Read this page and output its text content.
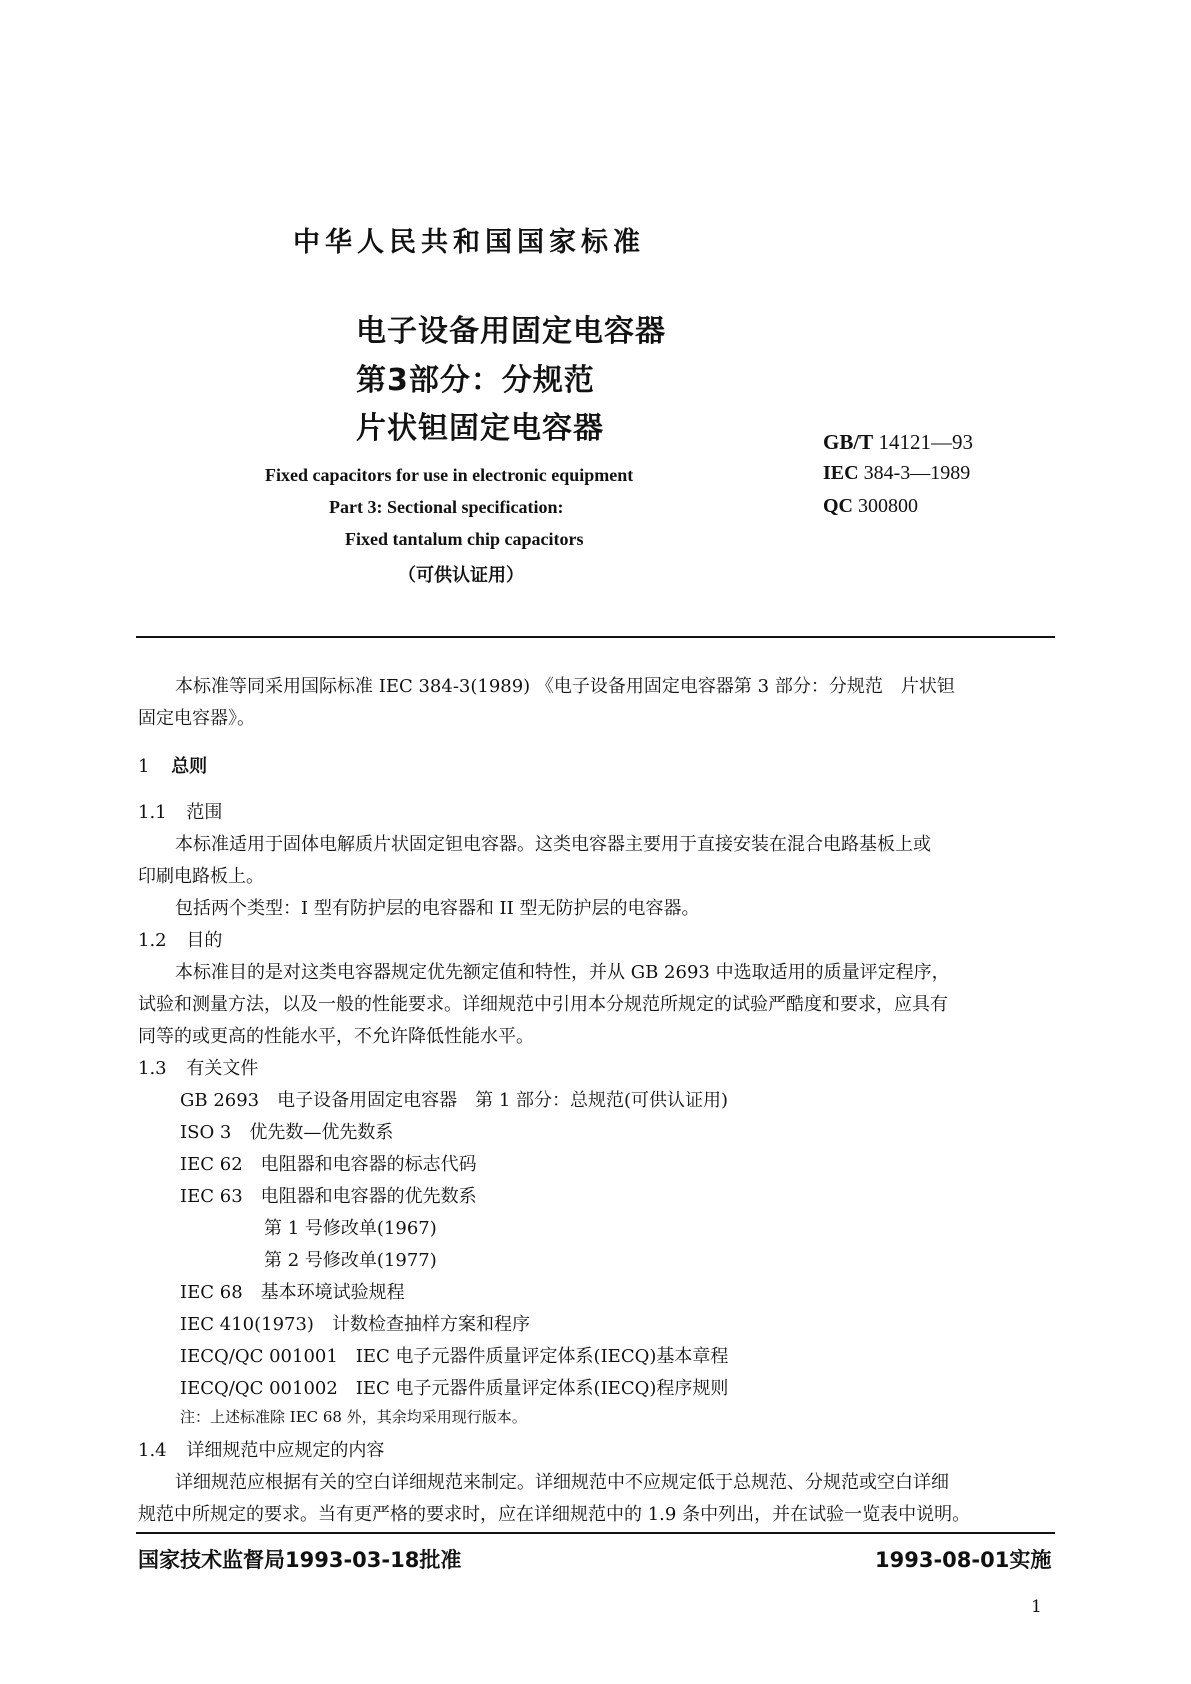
中华人民共和国国家标准
电子设备用固定电容器
第3部分：分规范
片状钽固定电容器	GB/T 14121—93
IEC 384-3—1989
QC 300800
Fixed capacitors for use in electronic equipment
Part 3: Sectional specification:
Fixed tantalum chip capacitors
（可供认证用）
本标准等同采用国际标准 IEC 384-3(1989) 《电子设备用固定电容器第 3 部分：分规范　片状钽
固定电容器》。
1 总则
1.1 范围
本标准适用于固体电解质片状固定钽电容器。这类电容器主要用于直接安装在混合电路基板上或
印刷电路板上。
包括两个类型：I 型有防护层的电容器和 II 型无防护层的电容器。
1.2 目的
本标准目的是对这类电容器规定优先额定值和特性，并从 GB 2693 中选取适用的质量评定程序，
试验和测量方法，以及一般的性能要求。详细规范中引用本分规范所规定的试验严酷度和要求，应具有
同等的或更高的性能水平，不允许降低性能水平。
1.3 有关文件
GB 2693　电子设备用固定电容器　第 1 部分：总规范(可供认证用)
ISO 3　优先数—优先数系
IEC 62　电阻器和电容器的标志代码
IEC 63　电阻器和电容器的优先数系
第 1 号修改单(1967)
第 2 号修改单(1977)
IEC 68　基本环境试验规程
IEC 410(1973)　计数检查抽样方案和程序
IECQ/QC 001001　IEC 电子元器件质量评定体系(IECQ)基本章程
IECQ/QC 001002　IEC 电子元器件质量评定体系(IECQ)程序规则
注：上述标准除 IEC 68 外，其余均采用现行版本。
1.4 详细规范中应规定的内容
详细规范应根据有关的空白详细规范来制定。详细规范中不应规定低于总规范、分规范或空白详细
规范中所规定的要求。当有更严格的要求时，应在详细规范中的 1.9 条中列出，并在试验一览表中说明。
国家技术监督局1993-03-18批准	1993-08-01实施
1
